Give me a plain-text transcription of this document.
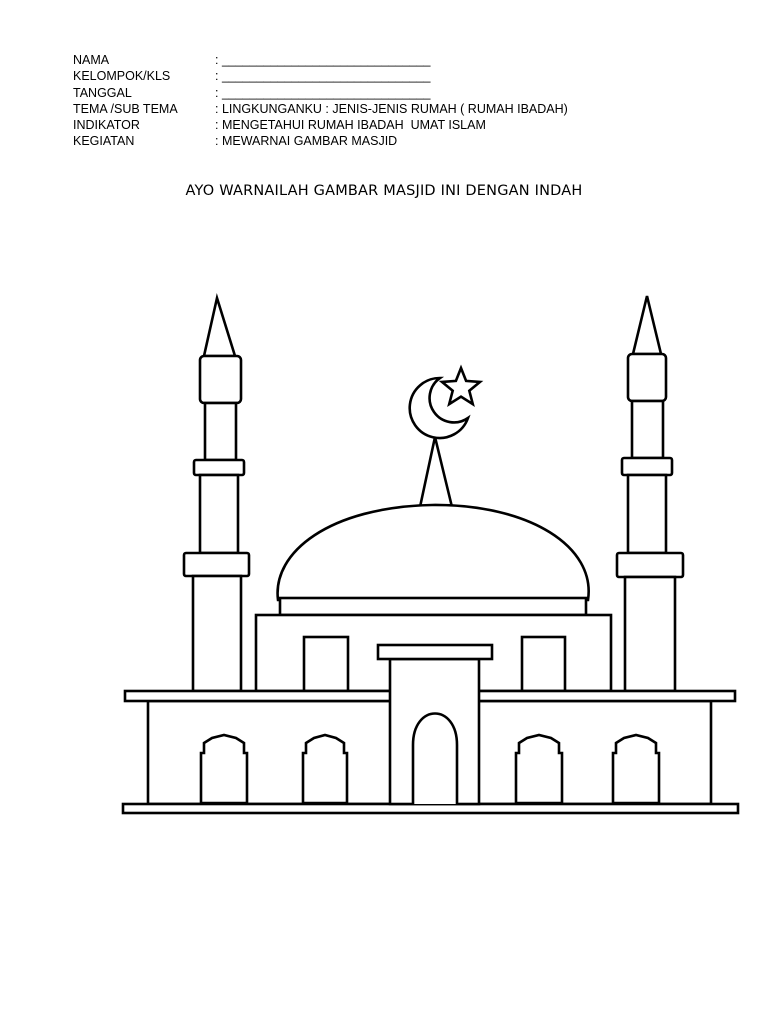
NAMA	: ______________________________
KELOMPOK/KLS	: ______________________________
TANGGAL	: ______________________________
TEMA /SUB TEMA	: LINGKUNGANKU : JENIS-JENIS RUMAH ( RUMAH IBADAH)
INDIKATOR	: MENGETAHUI RUMAH IBADAH  UMAT ISLAM
KEGIATAN	: MEWARNAI GAMBAR MASJID
AYO WARNAILAH GAMBAR MASJID INI DENGAN INDAH
